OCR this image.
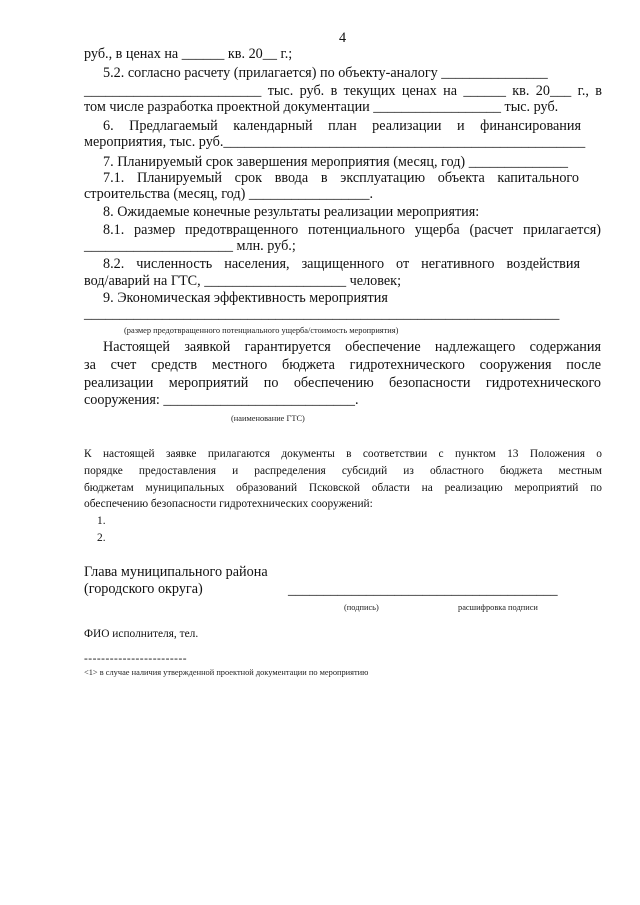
4
руб., в ценах на ______ кв. 20__ г.;
5.2. согласно расчету (прилагается) по объекту-аналогу _______________
_________________________ тыс. руб. в текущих ценах на ______ кв. 20___ г., в
том числе разработка проектной документации __________________ тыс. руб.
6. Предлагаемый календарный план реализации и финансирования
мероприятия, тыс. руб.___________________________________________________
7. Планируемый срок завершения мероприятия (месяц, год) ______________
7.1. Планируемый срок ввода в эксплуатацию объекта капитального
строительства (месяц, год) _________________.
8. Ожидаемые конечные результаты реализации мероприятия:
8.1. размер предотвращенного потенциального ущерба (расчет прилагается)
_____________________ млн. руб.;
8.2. численность населения, защищенного от негативного воздействия
вод/аварий на ГТС, ____________________ человек;
9. Экономическая эффективность мероприятия
___________________________________________________________________
(размер предотвращенного потенциального ущерба/стоимость мероприятия)
Настоящей заявкой гарантируется обеспечение надлежащего содержания
за счет средств местного бюджета гидротехнического сооружения после
реализации мероприятий по обеспечению безопасности гидротехнического
сооружения: ___________________________.
(наименование ГТС)
К настоящей заявке прилагаются документы в соответствии с пунктом 13 Положения о
порядке предоставления и распределения субсидий из областного бюджета местным
бюджетам муниципальных образований Псковской области на реализацию мероприятий по
обеспечению безопасности гидротехнических сооружений:
1.
2.
Глава муниципального района
(городского округа)	______________________________________
(подпись)	расшифровка подписи
ФИО исполнителя, тел.
------------------------
<1> в случае наличия утвержденной проектной документации по мероприятию
